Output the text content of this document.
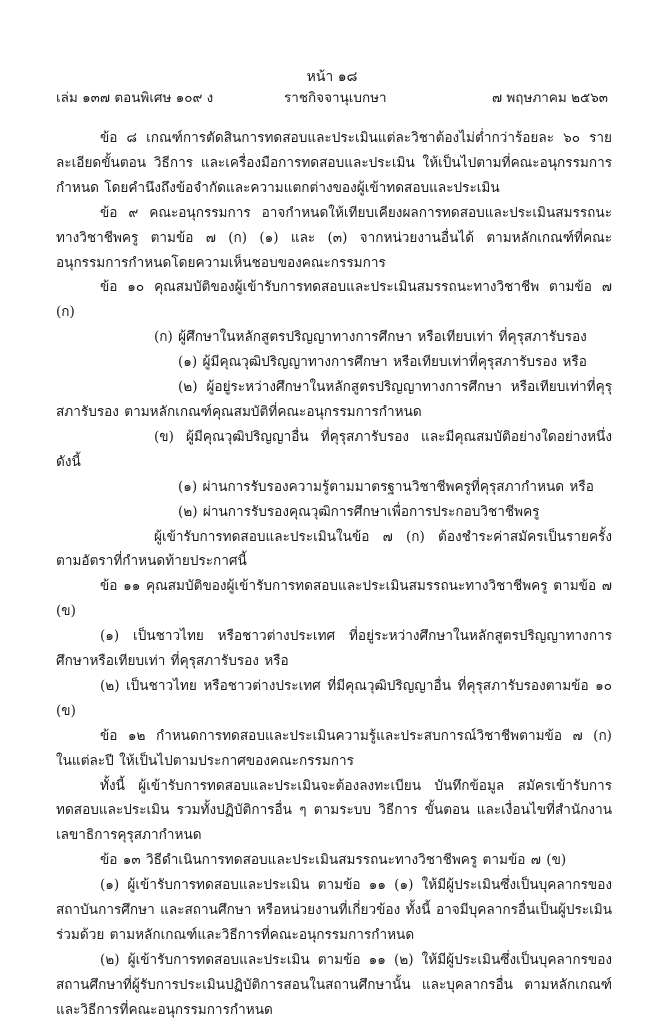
หน้า ๑๘
เล่ม ๑๓๗ ตอนพิเศษ ๑๐๙ ง	ราชกิจจานุเบกษา	๗ พฤษภาคม ๒๕๖๓

ข้อ ๘ เกณฑ์การตัดสินการทดสอบและประเมินแต่ละวิชาต้องไม่ต่ำกว่าร้อยละ ๖๐ รายละเอียดขั้นตอน วิธีการ และเครื่องมือการทดสอบและประเมิน ให้เป็นไปตามที่คณะอนุกรรมการกำหนด โดยคำนึงถึงข้อจำกัดและความแตกต่างของผู้เข้าทดสอบและประเมิน

ข้อ ๙ คณะอนุกรรมการ อาจกำหนดให้เทียบเคียงผลการทดสอบและประเมินสมรรถนะทางวิชาชีพครู ตามข้อ ๗ (ก) (๑) และ (๓) จากหน่วยงานอื่นได้ ตามหลักเกณฑ์ที่คณะอนุกรรมการกำหนดโดยความเห็นชอบของคณะกรรมการ

ข้อ ๑๐ คุณสมบัติของผู้เข้ารับการทดสอบและประเมินสมรรถนะทางวิชาชีพ ตามข้อ ๗ (ก)

(ก) ผู้ศึกษาในหลักสูตรปริญญาทางการศึกษา หรือเทียบเท่า ที่คุรุสภารับรอง

(๑) ผู้มีคุณวุฒิปริญญาทางการศึกษา หรือเทียบเท่าที่คุรุสภารับรอง หรือ

(๒) ผู้อยู่ระหว่างศึกษาในหลักสูตรปริญญาทางการศึกษา หรือเทียบเท่าที่คุรุสภารับรอง ตามหลักเกณฑ์คุณสมบัติที่คณะอนุกรรมการกำหนด

(ข) ผู้มีคุณวุฒิปริญญาอื่น ที่คุรุสภารับรอง และมีคุณสมบัติอย่างใดอย่างหนึ่ง ดังนี้

(๑) ผ่านการรับรองความรู้ตามมาตรฐานวิชาชีพครูที่คุรุสภากำหนด หรือ

(๒) ผ่านการรับรองคุณวุฒิการศึกษาเพื่อการประกอบวิชาชีพครู

ผู้เข้ารับการทดสอบและประเมินในข้อ ๗ (ก) ต้องชำระค่าสมัครเป็นรายครั้งตามอัตราที่กำหนดท้ายประกาศนี้

ข้อ ๑๑ คุณสมบัติของผู้เข้ารับการทดสอบและประเมินสมรรถนะทางวิชาชีพครู ตามข้อ ๗ (ข)

(๑) เป็นชาวไทย หรือชาวต่างประเทศ ที่อยู่ระหว่างศึกษาในหลักสูตรปริญญาทางการศึกษาหรือเทียบเท่า ที่คุรุสภารับรอง หรือ

(๒) เป็นชาวไทย หรือชาวต่างประเทศ ที่มีคุณวุฒิปริญญาอื่น ที่คุรุสภารับรองตามข้อ ๑๐ (ข)

ข้อ ๑๒ กำหนดการทดสอบและประเมินความรู้และประสบการณ์วิชาชีพตามข้อ ๗ (ก) ในแต่ละปี ให้เป็นไปตามประกาศของคณะกรรมการ

ทั้งนี้ ผู้เข้ารับการทดสอบและประเมินจะต้องลงทะเบียน บันทึกข้อมูล สมัครเข้ารับการทดสอบและประเมิน รวมทั้งปฏิบัติการอื่น ๆ ตามระบบ วิธีการ ขั้นตอน และเงื่อนไขที่สำนักงานเลขาธิการคุรุสภากำหนด

ข้อ ๑๓ วิธีดำเนินการทดสอบและประเมินสมรรถนะทางวิชาชีพครู ตามข้อ ๗ (ข)

(๑) ผู้เข้ารับการทดสอบและประเมิน ตามข้อ ๑๑ (๑) ให้มีผู้ประเมินซึ่งเป็นบุคลากรของสถาบันการศึกษา และสถานศึกษา หรือหน่วยงานที่เกี่ยวข้อง ทั้งนี้ อาจมีบุคลากรอื่นเป็นผู้ประเมินร่วมด้วย ตามหลักเกณฑ์และวิธีการที่คณะอนุกรรมการกำหนด

(๒) ผู้เข้ารับการทดสอบและประเมิน ตามข้อ ๑๑ (๒) ให้มีผู้ประเมินซึ่งเป็นบุคลากรของสถานศึกษาที่ผู้รับการประเมินปฏิบัติการสอนในสถานศึกษานั้น และบุคลากรอื่น ตามหลักเกณฑ์และวิธีการที่คณะอนุกรรมการกำหนด
